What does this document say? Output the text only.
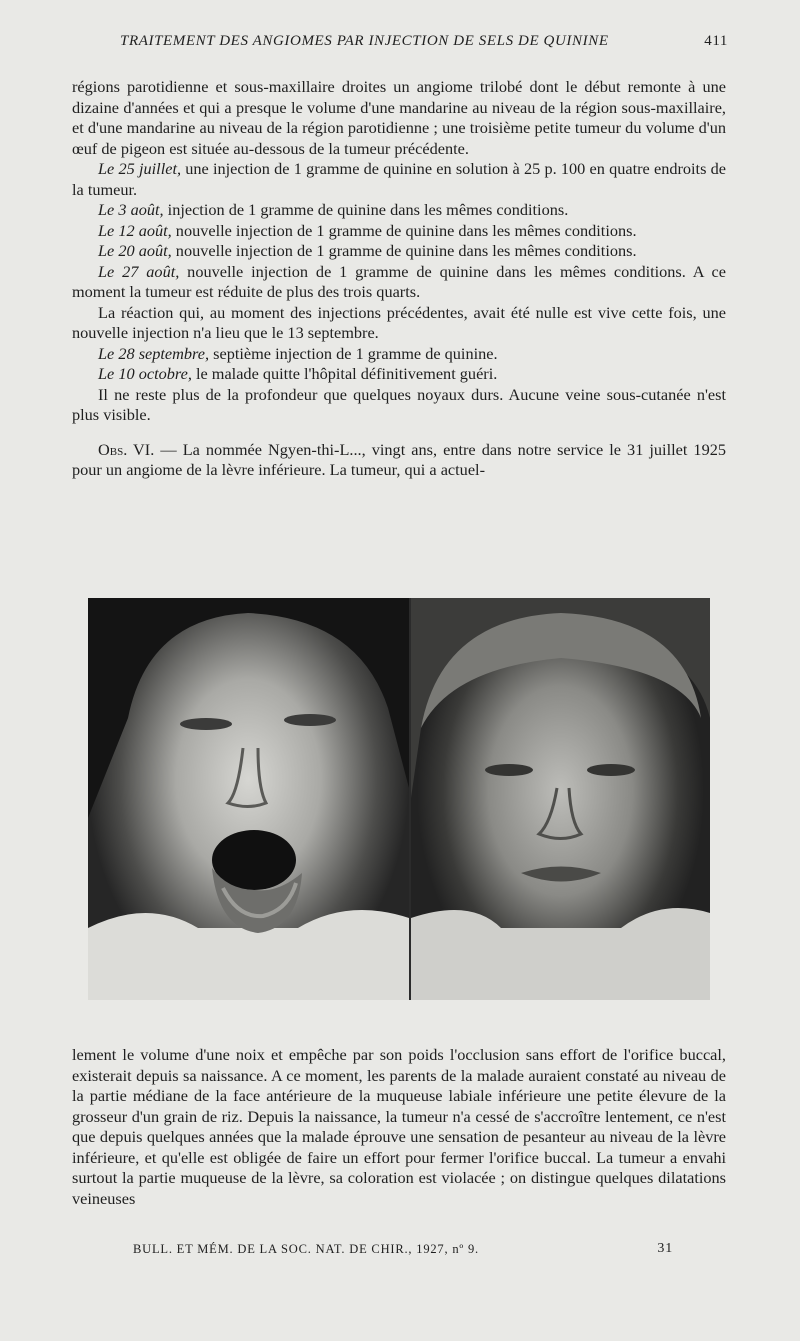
TRAITEMENT DES ANGIOMES PAR INJECTION DE SELS DE QUININE	411

régions parotidienne et sous-maxillaire droites un angiome trilobé dont le début remonte à une dizaine d'années et qui a presque le volume d'une mandarine au niveau de la région sous-maxillaire, et d'une mandarine au niveau de la région parotidienne ; une troisième petite tumeur du volume d'un œuf de pigeon est située au-dessous de la tumeur précédente.

Le 25 juillet, une injection de 1 gramme de quinine en solution à 25 p. 100 en quatre endroits de la tumeur.

Le 3 août, injection de 1 gramme de quinine dans les mêmes conditions.

Le 12 août, nouvelle injection de 1 gramme de quinine dans les mêmes conditions.

Le 20 août, nouvelle injection de 1 gramme de quinine dans les mêmes conditions.

Le 27 août, nouvelle injection de 1 gramme de quinine dans les mêmes conditions. A ce moment la tumeur est réduite de plus des trois quarts.

La réaction qui, au moment des injections précédentes, avait été nulle est vive cette fois, une nouvelle injection n'a lieu que le 13 septembre.

Le 28 septembre, septième injection de 1 gramme de quinine.

Le 10 octobre, le malade quitte l'hôpital définitivement guéri.

Il ne reste plus de la profondeur que quelques noyaux durs. Aucune veine sous-cutanée n'est plus visible.

Obs. VI. — La nommée Ngyen-thi-L..., vingt ans, entre dans notre service le 31 juillet 1925 pour un angiome de la lèvre inférieure. La tumeur, qui a actuel-

lement le volume d'une noix et empêche par son poids l'occlusion sans effort de l'orifice buccal, existerait depuis sa naissance. A ce moment, les parents de la malade auraient constaté au niveau de la partie médiane de la face antérieure de la muqueuse labiale inférieure une petite élevure de la grosseur d'un grain de riz. Depuis la naissance, la tumeur n'a cessé de s'accroître lentement, ce n'est que depuis quelques années que la malade éprouve une sensation de pesanteur au niveau de la lèvre inférieure, et qu'elle est obligée de faire un effort pour fermer l'orifice buccal. La tumeur a envahi surtout la partie muqueuse de la lèvre, sa coloration est violacée ; on distingue quelques dilatations veineuses

BULL. ET MÉM. DE LA SOC. NAT. DE CHIR., 1927, nº 9.	31
